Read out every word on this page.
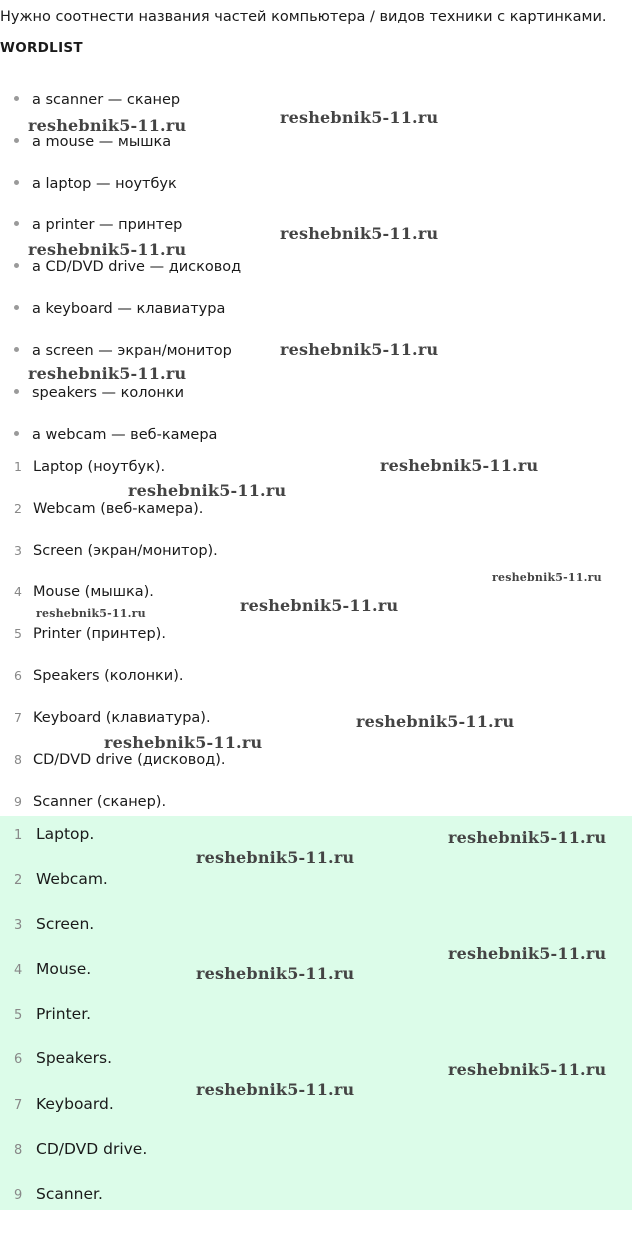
Нужно соотнести названия частей компьютера / видов техники с картинками.
WORDLIST
a scanner — сканер
a mouse — мышка
a laptop — ноутбук
a printer — принтер
a CD/DVD drive — дисковод
a keyboard — клавиатура
a screen — экран/монитор
speakers — колонки
a webcam — веб-камера
1 Laptop (ноутбук).
2 Webcam (веб-камера).
3 Screen (экран/монитор).
4 Mouse (мышка).
5 Printer (принтер).
6 Speakers (колонки).
7 Keyboard (клавиатура).
8 CD/DVD drive (дисковод).
9 Scanner (сканер).
1 Laptop.
2 Webcam.
3 Screen.
4 Mouse.
5 Printer.
6 Speakers.
7 Keyboard.
8 CD/DVD drive.
9 Scanner.
reshebnik5-11.ru	reshebnik5-11.ru
reshebnik5-11.ru
reshebnik5-11.ru
reshebnik5-11.ru
reshebnik5-11.ru
reshebnik5-11.ru
reshebnik5-11.ru
reshebnik5-11.ru
reshebnik5-11.ru
reshebnik5-11.ru
reshebnik5-11.ru
reshebnik5-11.ru
reshebnik5-11.ru
reshebnik5-11.ru
reshebnik5-11.ru
reshebnik5-11.ru
reshebnik5-11.ru
reshebnik5-11.ru
